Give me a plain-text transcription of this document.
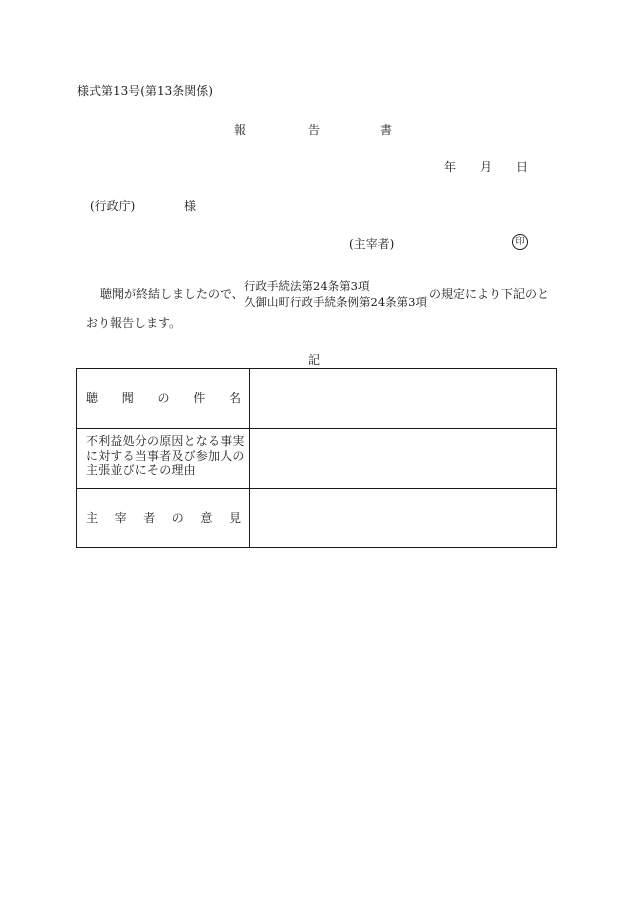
様式第13号(第13条関係)
報	告	書
年 月 日
(行政庁)	様
(主宰者)	印
聴聞が終結しましたので、
行政手続法第24条第3項
久御山町行政手続条例第24条第3項
の規定により下記のと
おり報告します。
記
聴 聞 の 件 名
不利益処分の原因となる事実
に対する当事者及び参加人の
主張並びにその理由
主 宰 者 の 意 見
